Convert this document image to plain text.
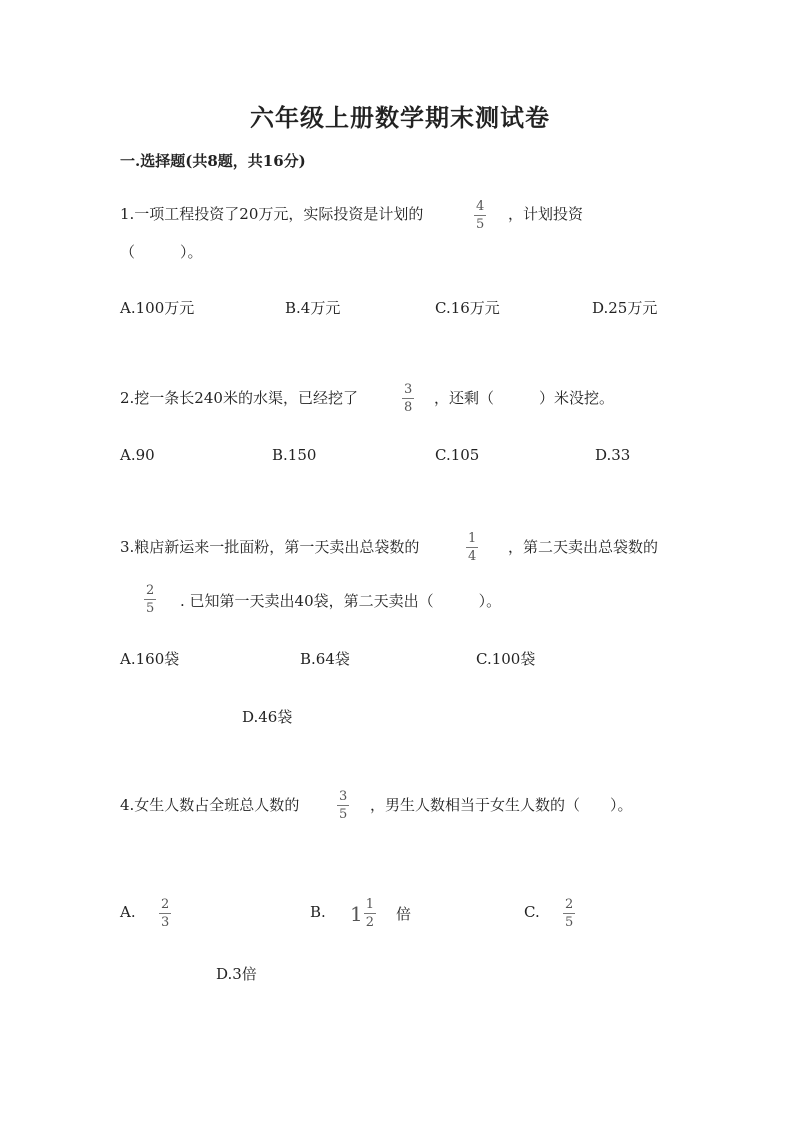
六年级上册数学期末测试卷
一.选择题(共8题，共16分)
1.一项工程投资了20万元，实际投资是计划的	4
5
，计划投资
（　　　）。
A.100万元	B.4万元	C.16万元	D.25万元
2.挖一条长240米的水渠，已经挖了	3
8
，还剩（　　　）米没挖。
A.90	B.150	C.105	D.33
3.粮店新运来一批面粉，第一天卖出总袋数的	1
4
，第二天卖出总袋数的
2
5 . 已知第一天卖出40袋，第二天卖出（　　　）。
A.160袋	B.64袋	C.100袋
D.46袋
4.女生人数占全班总人数的	3
5
，男生人数相当于女生人数的（　　）。
A. 2
3
B. $1 \frac{1}{2}$ 倍	C. 2
5
D.3倍
